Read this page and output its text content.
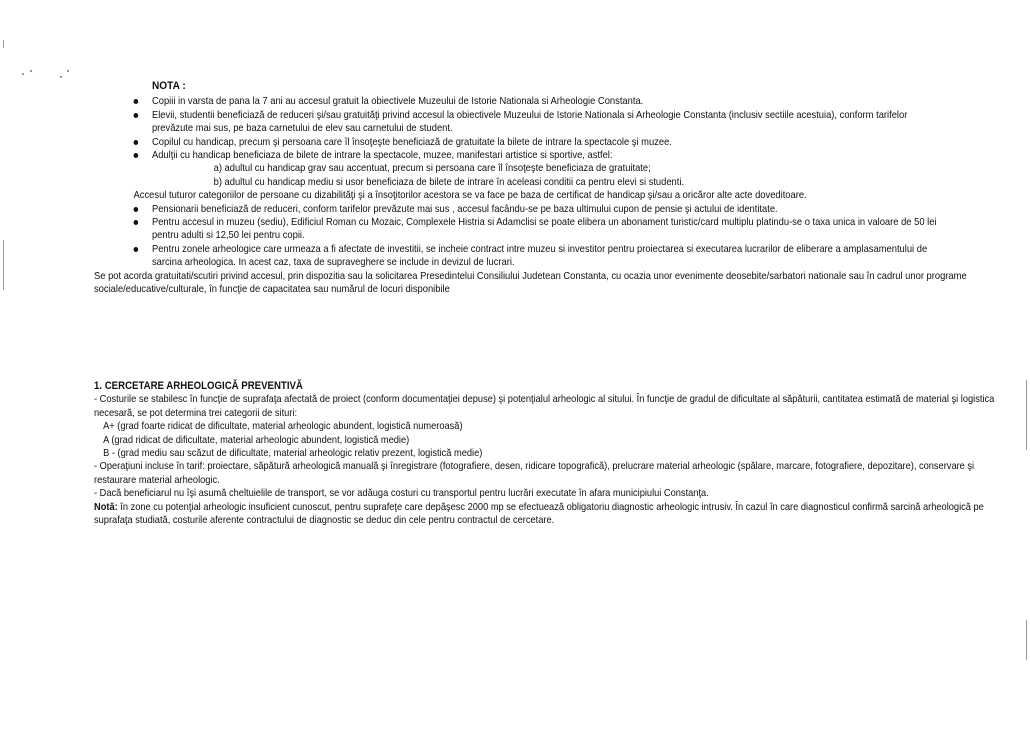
NOTA :
Copiii in varsta de pana la 7 ani au accesul gratuit la obiectivele Muzeului de Istorie Nationala si Arheologie Constanta.
Elevii, studentii beneficiază de reduceri şi/sau gratuităţi privind accesul la obiectivele Muzeului de Istorie Nationala si Arheologie Constanta (inclusiv sectiile acestuia), conform tarifelor prevăzute mai sus, pe baza carnetului de elev sau carnetului de student.
Copilul cu handicap, precum şi persoana care îl însoţeşte beneficiază de gratuitate la bilete de intrare la spectacole şi muzee.
Adulţii cu handicap beneficiaza de bilete de intrare la spectacole, muzee, manifestari artistice si sportive, astfel:
a) adultul cu handicap grav sau accentuat, precum si persoana care îl însoţeşte beneficiaza de gratuitate;
b) adultul cu handicap mediu si usor beneficiaza de bilete de intrare în aceleasi conditii ca pentru elevi si studenti.
Accesul tuturor categoriilor de persoane cu dizabilităţi şi a însoţitorilor acestora se va face pe baza de certificat de handicap şi/sau a oricăror alte acte doveditoare.
Pensionarii beneficiază de reduceri, conform tarifelor prevăzute mai sus , accesul facându-se pe baza ultimului cupon de pensie şi actului de identitate.
Pentru accesul in muzeu (sediu), Edificiul Roman cu Mozaic, Complexele Histria si Adamclisi se poate elibera un abonament turistic/card multiplu platindu-se o taxa unica in valoare de 50 lei pentru adulti si 12,50 lei pentru copii.
Pentru zonele arheologice care urmeaza a fi afectate de investitii, se incheie contract intre muzeu si investitor pentru proiectarea si executarea lucrarilor de eliberare a amplasamentului de sarcina arheologica. In acest caz, taxa de supraveghere se include in devizul de lucrari.
Se pot acorda gratuitati/scutiri privind accesul, prin dispozitia sau la solicitarea Presedintelui Consiliului Judetean Constanta, cu ocazia unor evenimente deosebite/sarbatori nationale sau în cadrul unor programe sociale/educative/culturale, în funcţie de capacitatea sau numărul de locuri disponibile
1. CERCETARE ARHEOLOGICĂ PREVENTIVĂ
- Costurile se stabilesc în funcţie de suprafaţa afectată de proiect (conform documentaţiei depuse) şi potenţialul arheologic al sitului. În funcţie de gradul de dificultate al săpăturii, cantitatea estimată de material şi logistica necesară, se pot determina trei categorii de situri:
A+ (grad foarte ridicat de dificultate, material arheologic abundent, logistică numeroasă)
A (grad ridicat de dificultate, material arheologic abundent, logistică medie)
B - (grad mediu sau scăzut de dificultate, material arheologic relativ prezent, logistică medie)
- Operaţiuni incluse în tarif: proiectare, săpătură arheologică manuală şi înregistrare (fotografiere, desen, ridicare topografică), prelucrare material arheologic (spălare, marcare, fotografiere, depozitare), conservare şi restaurare material arheologic.
- Dacă beneficiarul nu îşi asumă cheltuielile de transport, se vor adăuga costuri cu transportul pentru lucrări executate în afara municipiului Constanţa.
Notă: în zone cu potenţial arheologic insuficient cunoscut, pentru suprafeţe care depăşesc 2000 mp se efectuează obligatoriu diagnostic arheologic intrusiv. În cazul în care diagnosticul confirmă sarcină arheologică pe suprafaţa studiată, costurile aferente contractului de diagnostic se deduc din cele pentru contractul de cercetare.
